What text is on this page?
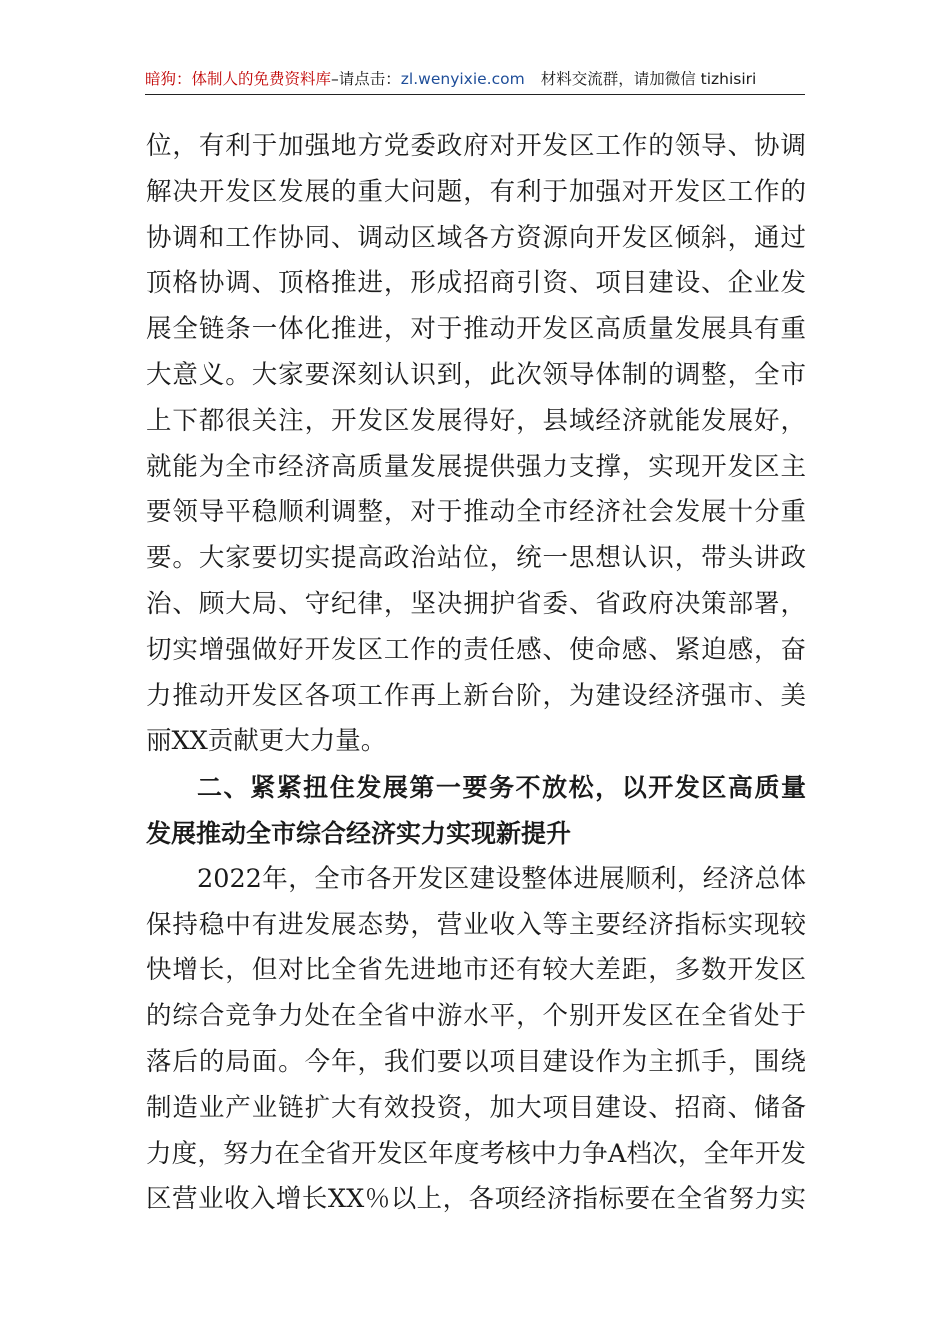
暗狗：体制人的免费资料库–请点击：zl.wenyixie.com 材料交流群，请加微信 tizhisiri
位，有利于加强地方党委政府对开发区工作的领导、协调
解决开发区发展的重大问题，有利于加强对开发区工作的
协调和工作协同、调动区域各方资源向开发区倾斜，通过
顶格协调、顶格推进，形成招商引资、项目建设、企业发
展全链条一体化推进，对于推动开发区高质量发展具有重
大意义。大家要深刻认识到，此次领导体制的调整，全市
上下都很关注，开发区发展得好，县域经济就能发展好，
就能为全市经济高质量发展提供强力支撑，实现开发区主
要领导平稳顺利调整，对于推动全市经济社会发展十分重
要。大家要切实提高政治站位，统一思想认识，带头讲政
治、顾大局、守纪律，坚决拥护省委、省政府决策部署，
切实增强做好开发区工作的责任感、使命感、紧迫感，奋
力推动开发区各项工作再上新台阶，为建设经济强市、美
丽XX贡献更大力量。
二、紧紧扭住发展第一要务不放松，以开发区高质量
发展推动全市综合经济实力实现新提升
2022年，全市各开发区建设整体进展顺利，经济总体
保持稳中有进发展态势，营业收入等主要经济指标实现较
快增长，但对比全省先进地市还有较大差距，多数开发区
的综合竞争力处在全省中游水平，个别开发区在全省处于
落后的局面。今年，我们要以项目建设作为主抓手，围绕
制造业产业链扩大有效投资，加大项目建设、招商、储备
力度，努力在全省开发区年度考核中力争A档次，全年开发
区营业收入增长XX％以上，各项经济指标要在全省努力实
